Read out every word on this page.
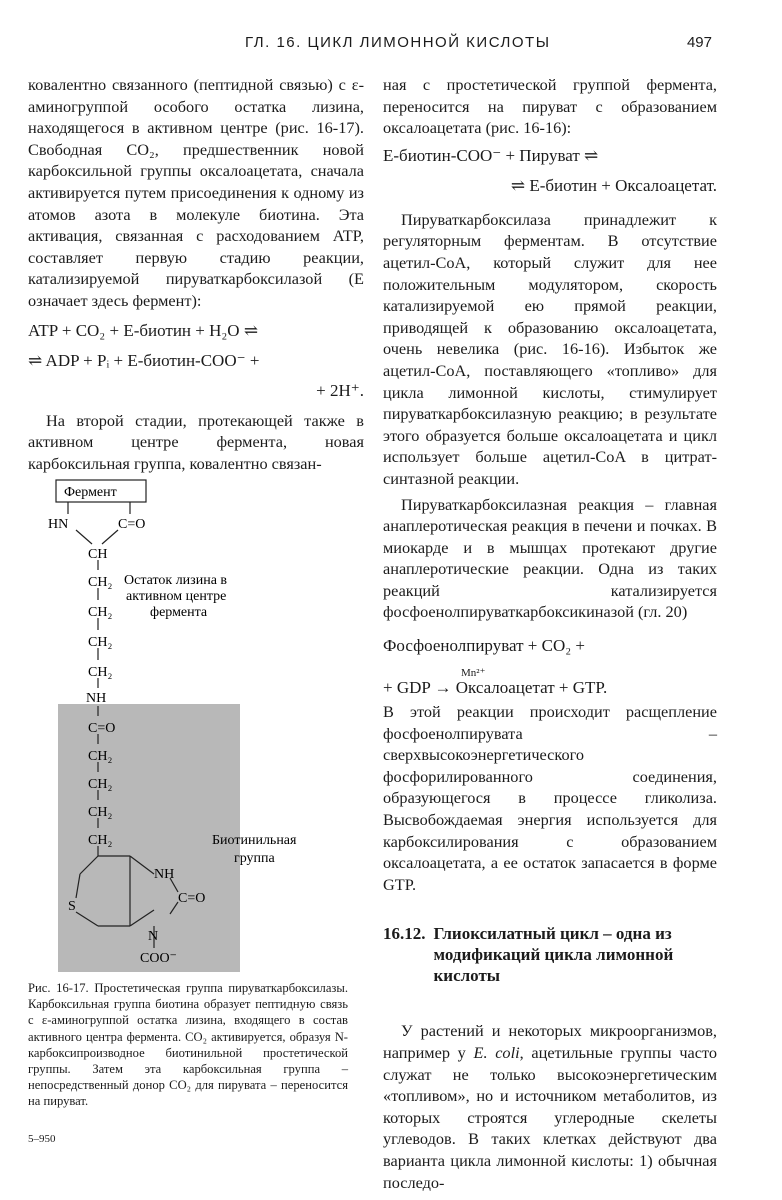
ГЛ. 16. ЦИКЛ ЛИМОННОЙ КИСЛОТЫ	497

ковалентно связанного (пептидной связью) с ε-аминогруппой особого остатка лизина, находящегося в активном центре (рис. 16-17). Свободная CO₂, предшественник новой карбоксильной группы оксалоацетата, сначала активируется путем присоединения к одному из атомов азота в молекуле биотина. Эта активация, связанная с расходованием ATP, составляет первую стадию реакции, катализируемой пируваткарбоксилазой (E означает здесь фермент):

ATP + CO₂ + E-биотин + H₂O ⇌
⇌ ADP + Pᵢ + E-биотин-COO⁻ +
+ 2H⁺.

На второй стадии, протекающей также в активном центре фермента, новая карбоксильная группа, ковалентно связан-

Фермент
HN	C=O
CH
CH₂
CH₂
CH₂
CH₂
NH
C=O
CH₂
CH₂
CH₂
CH₂
NH
C=O
S
N
COO⁻
Остаток лизина в
активном центре
фермента
Биотинильная
группа
Рис. 16-17. Простетическая группа пируваткарбоксилазы. Карбоксильная группа биотина образует пептидную связь с ε-аминогруппой остатка лизина, входящего в состав активного центра фермента. CO₂ активируется, образуя N-карбоксипроизводное биотинильной простетической группы. Затем эта карбоксильная группа – непосредственный донор CO₂ для пирувата – переносится на пируват.
5–950

ная с простетической группой фермента, переносится на пируват с образованием оксалоацетата (рис. 16-16):

E-биотин-COO⁻ + Пируват ⇌
⇌ E-биотин + Оксалоацетат.

Пируваткарбоксилаза принадлежит к регуляторным ферментам. В отсутствие ацетил-CoA, который служит для нее положительным модулятором, скорость катализируемой ею прямой реакции, приводящей к образованию оксалоацетата, очень невелика (рис. 16-16). Избыток же ацетил-CoA, поставляющего «топливо» для цикла лимонной кислоты, стимулирует пируваткарбоксилазную реакцию; в результате этого образуется больше оксалоацетата и цикл использует больше ацетил-CoA в цитрат-синтазной реакции.

Пируваткарбоксилазная реакция – главная анаплеротическая реакция в печени и почках. В миокарде и в мышцах протекают другие анаплеротические реакции. Одна из таких реакций катализируется фосфоенолпируваткарбоксикиназой (гл. 20)

Фосфоенолпируват + CO₂ +
Mn²⁺
+ GDP → Оксалоацетат + GTP.

В этой реакции происходит расщепление фосфоенолпирувата – сверхвысокоэнергетического фосфорилированного соединения, образующегося в процессе гликолиза. Высвобождаемая энергия используется для карбоксилирования с образованием оксалоацетата, а ее остаток запасается в форме GTP.

16.12. Глиоксилатный цикл – одна из модификаций цикла лимонной кислоты

У растений и некоторых микроорганизмов, например у E. coli, ацетильные группы часто служат не только высокоэнергетическим «топливом», но и источником метаболитов, из которых строятся углеродные скелеты углеводов. В таких клетках действуют два варианта цикла лимонной кислоты: 1) обычная последо-
